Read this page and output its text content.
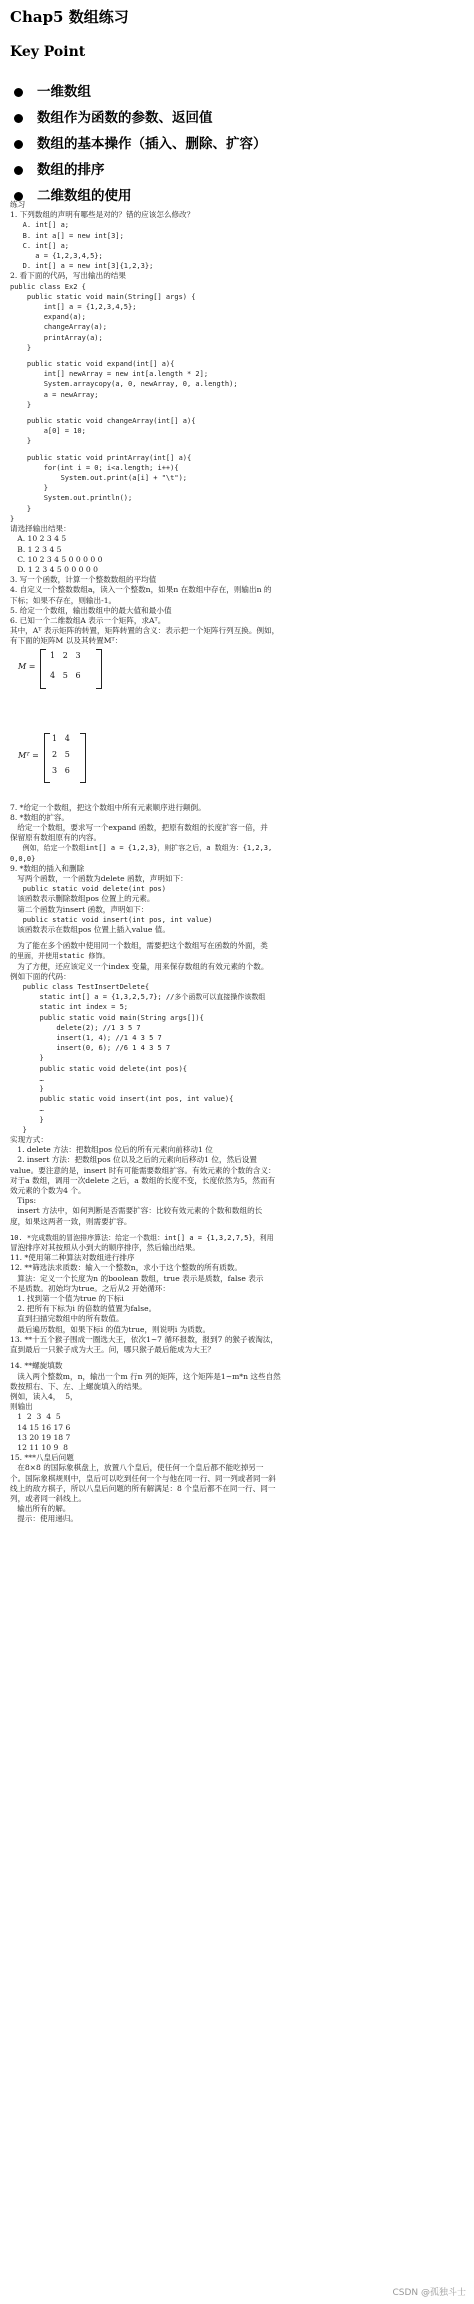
Chap5 数组练习
Key Point
一维数组
数组作为函数的参数、返回值
数组的基本操作（插入、删除、扩容）
数组的排序
二维数组的使用
练习
1. 下列数组的声明有哪些是对的？错的应该怎么修改？
A. int[] a;
B. int a[] = new int[3];
C. int[] a;
a = {1,2,3,4,5};
D. int[] a = new int[3]{1,2,3};
2. 看下面的代码，写出输出的结果
public class Ex2 {
public static void main(String[] args) {
int[] a = {1,2,3,4,5};
expand(a);
changeArray(a);
printArray(a);
}
public static void expand(int[] a){
int[] newArray = new int[a.length * 2];
System.arraycopy(a, 0, newArray, 0, a.length);
a = newArray;
}
public static void changeArray(int[] a){
a[0] = 10;
}
public static void printArray(int[] a){
for(int i = 0; i<a.length; i++){
System.out.print(a[i] + "\t");
}
System.out.println();
}
}
请选择输出结果：
A. 10 2 3 4 5
B. 1 2 3 4 5
C. 10 2 3 4 5 0 0 0 0 0
D. 1 2 3 4 5 0 0 0 0 0
3. 写一个函数，计算一个整数数组的平均值
4. 自定义一个整数数组a，读入一个整数n，如果n 在数组中存在，则输出n 的
下标；如果不存在，则输出-1。
5. 给定一个数组，输出数组中的最大值和最小值
6. 已知一个二维数组A 表示一个矩阵，求Aᵀ。
其中，Aᵀ 表示矩阵的转置，矩阵转置的含义：表示把一个矩阵行列互换。例如，
有下面的矩阵M 以及其转置Mᵀ：
M =
1   2   3
4   5   6
Mᵀ =
1   4
2   5
3   6
7. *给定一个数组，把这个数组中所有元素顺序进行颠倒。
8. *数组的扩容。
给定一个数组，要求写一个expand 函数，把原有数组的长度扩容一倍，并
保留原有数组原有的内容。
例如，给定一个数组int[] a = {1,2,3}，则扩容之后，a 数组为：{1,2,3,
0,0,0}
9. *数组的插入和删除
写两个函数，一个函数为delete 函数，声明如下：
public static void delete(int pos)
该函数表示删除数组pos 位置上的元素。
第二个函数为insert 函数，声明如下：
public static void insert(int pos, int value)
该函数表示在数组pos 位置上插入value 值。
为了能在多个函数中使用同一个数组，需要把这个数组写在函数的外面，类
的里面，并使用static 修饰。
为了方便，还应该定义一个index 变量，用来保存数组的有效元素的个数。
例如下面的代码：
public class TestInsertDelete{
static int[] a = {1,3,2,5,7}; //多个函数可以直接操作该数组
static int index = 5;
public static void main(String args[]){
delete(2); //1 3 5 7
insert(1, 4); //1 4 3 5 7
insert(0, 6); //6 1 4 3 5 7
}
public static void delete(int pos){
…
}
public static void insert(int pos, int value){
…
}
}
实现方式：
1. delete 方法：把数组pos 位后的所有元素向前移动1 位
2. insert 方法：把数组pos 位以及之后的元素向后移动1 位，然后设置
value。要注意的是，insert 时有可能需要数组扩容。有效元素的个数的含义：
对于a 数组，调用一次delete 之后，a 数组的长度不变，长度依然为5，然而有
效元素的个数为4 个。
Tips:
insert 方法中，如何判断是否需要扩容：比较有效元素的个数和数组的长
度，如果这两者一致，则需要扩容。
10. *完成数组的冒泡排序算法：给定一个数组：int[] a = {1,3,2,7,5}，利用
冒泡排序对其按照从小到大的顺序排序，然后输出结果。
11. *使用第二种算法对数组进行排序
12. **筛选法求质数：输入一个整数n，求小于这个整数的所有质数。
算法：定义一个长度为n 的boolean 数组，true 表示是质数，false 表示
不是质数。初始均为true。之后从2 开始循环：
1. 找到第一个值为true 的下标i
2. 把所有下标为i 的倍数的值置为false。
直到扫描完数组中的所有数值。
最后遍历数组，如果下标i 的值为true，则说明i 为质数。
13. **十五个猴子围成一圈选大王，依次1~7 循环报数，报到7 的猴子被淘汰，
直到最后一只猴子成为大王。问，哪只猴子最后能成为大王？
14. **螺旋填数
读入两个整数m，n，输出一个m 行n 列的矩阵，这个矩阵是1~m*n 这些自然
数按照右、下、左、上螺旋填入的结果。
例如，读入4，  5，
则输出
1  2  3  4  5
14 15 16 17 6
13 20 19 18 7
12 11 10 9  8
15. ***八皇后问题
在8×8 的国际象棋盘上，放置八个皇后，使任何一个皇后都不能吃掉另一
个。国际象棋规则中，皇后可以吃到任何一个与他在同一行、同一列或者同一斜
线上的敌方棋子，所以八皇后问题的所有解满足：8 个皇后都不在同一行、同一
列，或者同一斜线上。
输出所有的解。
提示：使用递归。
CSDN @孤独斗士
